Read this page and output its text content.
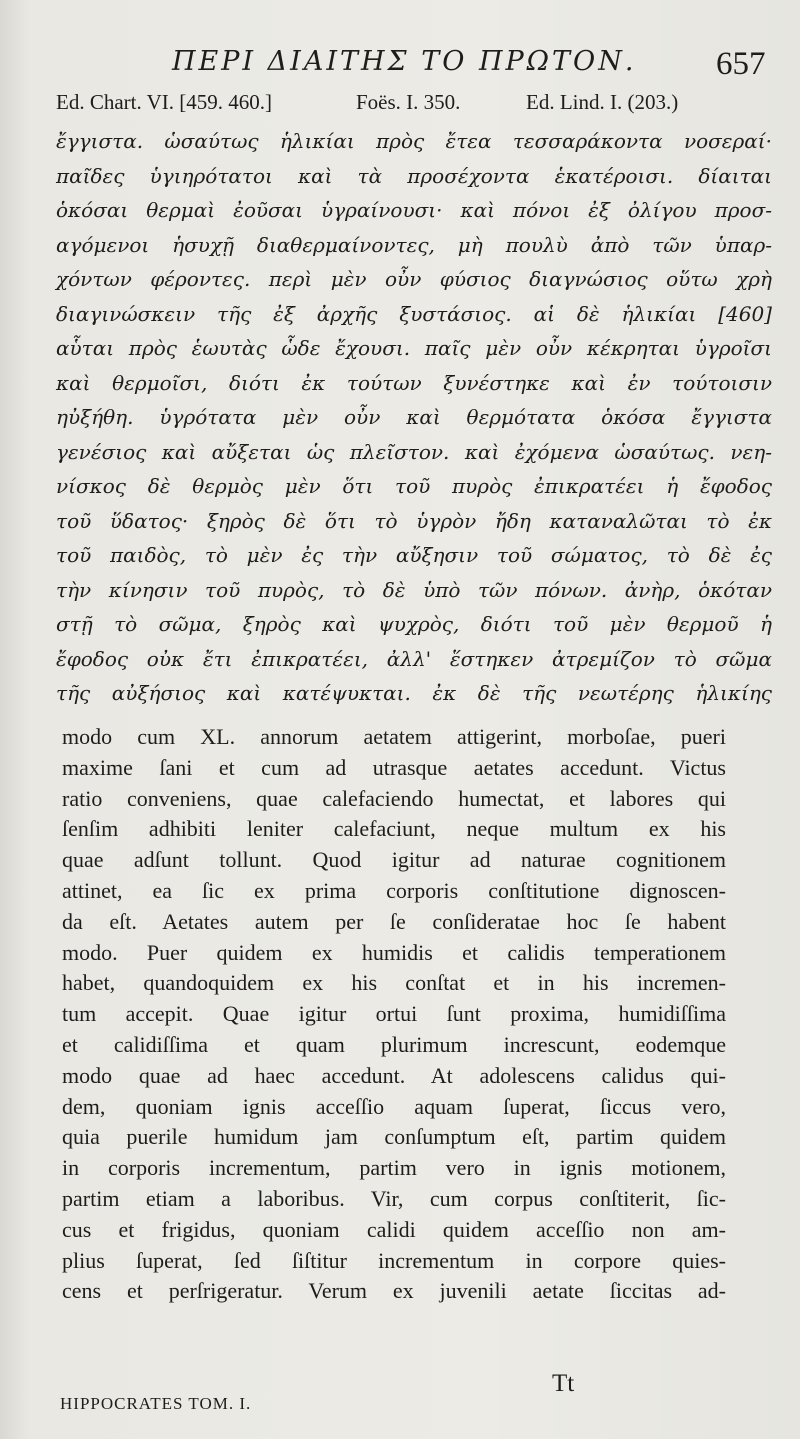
ΠΕΡΙ ΔΙΑΙΤΗΣ ΤΟ ΠΡΩΤΟΝ. 657
Ed. Chart. VI. [459. 460.]	Foës. I. 350.	Ed. Lind. I. (203.)
ἔγγιστα. ὡσαύτως ἡλικίαι πρὸς ἔτεα τεσσαράκοντα νοσεραί·
παῖδες ὑγιηρότατοι καὶ τὰ προσέχοντα ἑκατέροισι. δίαιται
ὁκόσαι θερμαὶ ἐοῦσαι ὑγραίνουσι· καὶ πόνοι ἐξ ὀλίγου προσ-
αγόμενοι ἡσυχῇ διαθερμαίνοντες, μὴ πουλὺ ἀπὸ τῶν ὑπαρ-
χόντων φέροντες. περὶ μὲν οὖν φύσιος διαγνώσιος οὕτω χρὴ
διαγινώσκειν τῆς ἐξ ἀρχῆς ξυστάσιος. αἱ δὲ ἡλικίαι [460]
αὗται πρὸς ἑωυτὰς ὧδε ἔχουσι. παῖς μὲν οὖν κέκρηται ὑγροῖσι
καὶ θερμοῖσι, διότι ἐκ τούτων ξυνέστηκε καὶ ἐν τούτοισιν
ηὐξήθη. ὑγρότατα μὲν οὖν καὶ θερμότατα ὁκόσα ἔγγιστα
γενέσιος καὶ αὔξεται ὡς πλεῖστον. καὶ ἐχόμενα ὡσαύτως. νεη-
νίσκος δὲ θερμὸς μὲν ὅτι τοῦ πυρὸς ἐπικρατέει ἡ ἔφοδος
τοῦ ὕδατος· ξηρὸς δὲ ὅτι τὸ ὑγρὸν ἤδη καταναλῶται τὸ ἐκ
τοῦ παιδὸς, τὸ μὲν ἐς τὴν αὔξησιν τοῦ σώματος, τὸ δὲ ἐς
τὴν κίνησιν τοῦ πυρὸς, τὸ δὲ ὑπὸ τῶν πόνων. ἀνὴρ, ὁκόταν
στῇ τὸ σῶμα, ξηρὸς καὶ ψυχρὸς, διότι τοῦ μὲν θερμοῦ ἡ
ἔφοδος οὐκ ἔτι ἐπικρατέει, ἀλλ' ἕστηκεν ἀτρεμίζον τὸ σῶμα
τῆς αὐξήσιος καὶ κατέψυκται. ἐκ δὲ τῆς νεωτέρης ἡλικίης
modo cum XL. annorum aetatem attigerint, morboſae, pueri
maxime ſani et cum ad utrasque aetates accedunt. Victus
ratio conveniens, quae calefaciendo humectat, et labores qui
ſenſim adhibiti leniter calefaciunt, neque multum ex his
quae adſunt tollunt. Quod igitur ad naturae cognitionem
attinet, ea ſic ex prima corporis conſtitutione dignoscen-
da eſt. Aetates autem per ſe conſideratae hoc ſe habent
modo. Puer quidem ex humidis et calidis temperationem
habet, quandoquidem ex his conſtat et in his incremen-
tum accepit. Quae igitur ortui ſunt proxima, humidiſſima
et calidiſſima et quam plurimum increscunt, eodemque
modo quae ad haec accedunt. At adolescens calidus qui-
dem, quoniam ignis acceſſio aquam ſuperat, ſiccus vero,
quia puerile humidum jam conſumptum eſt, partim quidem
in corporis incrementum, partim vero in ignis motionem,
partim etiam a laboribus. Vir, cum corpus conſtiterit, ſic-
cus et frigidus, quoniam calidi quidem acceſſio non am-
plius ſuperat, ſed ſiſtitur incrementum in corpore quies-
cens et perſrigeratur. Verum ex juvenili aetate ſiccitas ad-
HIPPOCRATES TOM. I.
Tt
